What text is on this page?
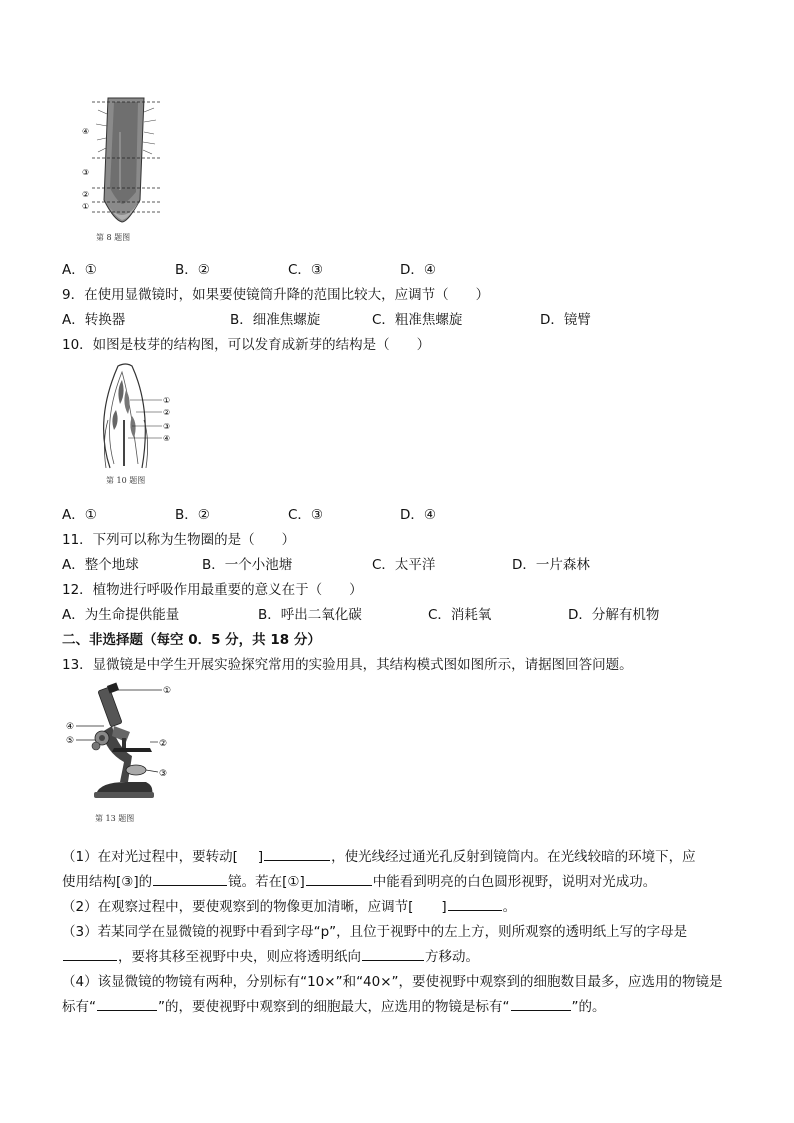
④
③
②
①
第 8 题图
A．①	B．②	C．③	D．④
9．在使用显微镜时，如果要使镜筒升降的范围比较大，应调节（　　）
A．转换器	B．细准焦螺旋	C．粗准焦螺旋	D．镜臂
10．如图是枝芽的结构图，可以发育成新芽的结构是（　　）
①
②
③
④
第 10 题图
A．①	B．②	C．③	D．④
11．下列可以称为生物圈的是（　　）
A．整个地球	B．一个小池塘	C．太平洋	D．一片森林
12．植物进行呼吸作用最重要的意义在于（　　）
A．为生命提供能量	B．呼出二氧化碳	C．消耗氧	D．分解有机物
二、非选择题（每空 0．5 分，共 18 分）
13．显微镜是中学生开展实验探究常用的实验用具，其结构模式图如图所示，请据图回答问题。
①
④
⑤	②
③
第 13 题图
（1）在对光过程中，要转动[ ]	，使光线经过通光孔反射到镜筒内。在光线较暗的环境下，应
使用结构[③]的	镜。若在[①]	中能看到明亮的白色圆形视野，说明对光成功。
（2）在观察过程中，要使观察到的物像更加清晰，应调节[ ]	。
（3）若某同学在显微镜的视野中看到字母“p”，且位于视野中的左上方，则所观察的透明纸上写的字母是
，要将其移至视野中央，则应将透明纸向	方移动。
（4）该显微镜的物镜有两种，分别标有“10×”和“40×”，要使视野中观察到的细胞数目最多，应选用的物镜是
标有“	”的，要使视野中观察到的细胞最大，应选用的物镜是标有“	”的。
